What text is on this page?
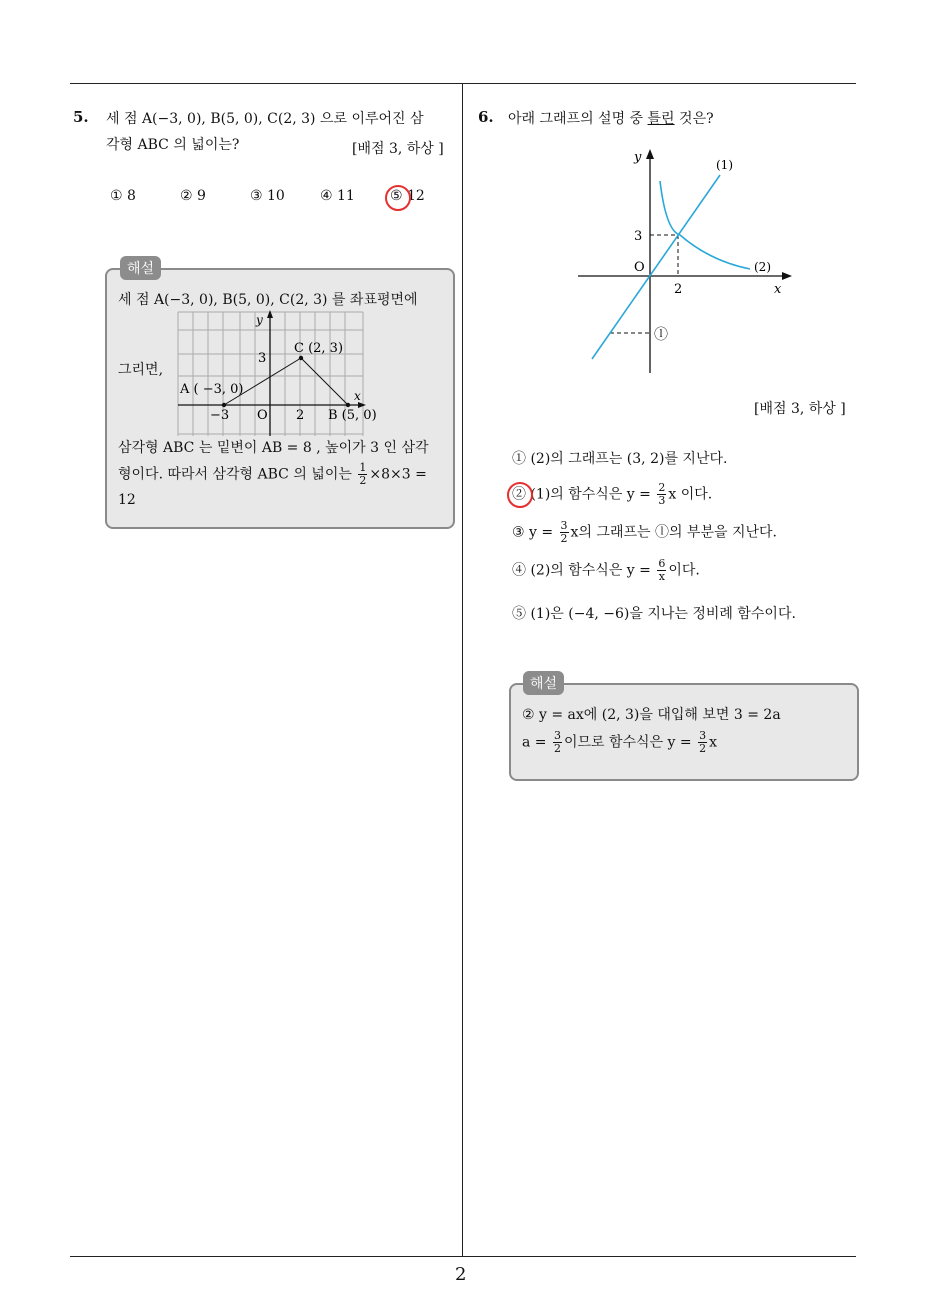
2
5. 세 점 A(−3, 0), B(5, 0), C(2, 3) 으로 이루어진 삼
각형 ABC 의 넓이는?	[배점 3, 하상 ]
① 8	② 9	③ 10	④ 11	⑤ 12
해설
세 점 A(−3, 0), B(5, 0), C(2, 3) 를 좌표평면에
그리면,
y
x
3
O
−3	2
A ( −3, 0)
C (2, 3)
B (5, 0)
삼각형 ABC 는 밑변이 AB = 8 , 높이가 3 인 삼각
형이다. 따라서 삼각형 ABC 의 넓이는 $\frac{1}{2} \times 8\times 3$ =
12
6. 아래 그래프의 설명 중 틀린 것은?
y
x
(1)
(2)
3
O
2
ⓛ
[배점 3, 하상 ]
① (2)의 그래프는 (3, 2)를 지난다.
② (1)의 함수식은 $y = \frac{2}{3}$ x 이다.
③ $y = \frac{3}{2}$ x의 그래프는 ⓛ의 부분을 지난다.
④ (2)의 함수식은 $y = \frac{6}{x}$ 이다.
⑤ (1)은 (−4, −6)을 지나는 정비례 함수이다.
해설
② y = ax에 (2, 3)을 대입해 보면 3 = 2a
$a = \frac{3}{2}$ 이므로 함수식은 $y = \frac{3}{2}$ x
